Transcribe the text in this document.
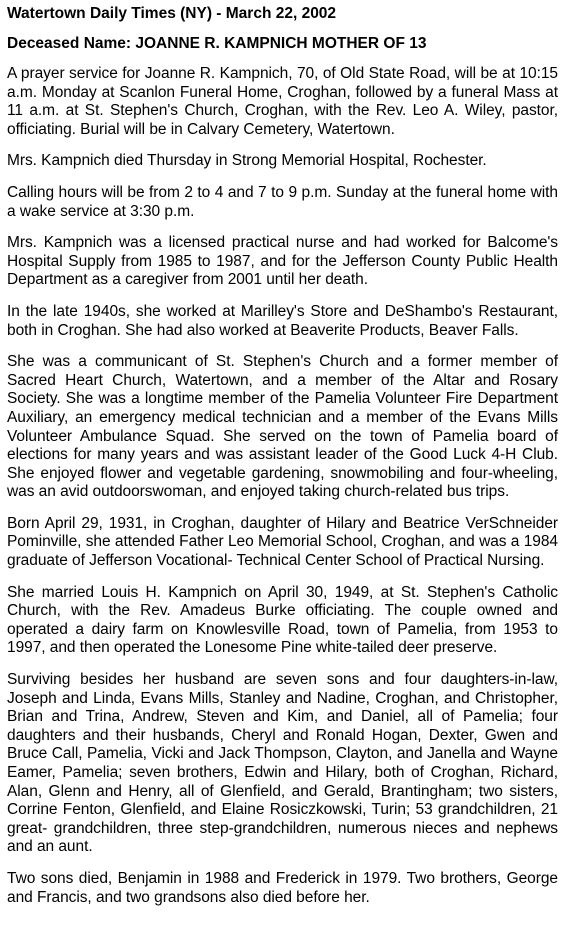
Watertown Daily Times (NY) - March 22, 2002
Deceased Name: JOANNE R. KAMPNICH MOTHER OF 13

A prayer service for Joanne R. Kampnich, 70, of Old State Road, will be at 10:15 a.m. Monday at Scanlon Funeral Home, Croghan, followed by a funeral Mass at 11 a.m. at St. Stephen's Church, Croghan, with the Rev. Leo A. Wiley, pastor, officiating. Burial will be in Calvary Cemetery, Watertown.

Mrs. Kampnich died Thursday in Strong Memorial Hospital, Rochester.

Calling hours will be from 2 to 4 and 7 to 9 p.m. Sunday at the funeral home with a wake service at 3:30 p.m.

Mrs. Kampnich was a licensed practical nurse and had worked for Balcome's Hospital Supply from 1985 to 1987, and for the Jefferson County Public Health Department as a caregiver from 2001 until her death.

In the late 1940s, she worked at Marilley's Store and DeShambo's Restaurant, both in Croghan. She had also worked at Beaverite Products, Beaver Falls.

She was a communicant of St. Stephen's Church and a former member of Sacred Heart Church, Watertown, and a member of the Altar and Rosary Society. She was a longtime member of the Pamelia Volunteer Fire Department Auxiliary, an emergency medical technician and a member of the Evans Mills Volunteer Ambulance Squad. She served on the town of Pamelia board of elections for many years and was assistant leader of the Good Luck 4-H Club. She enjoyed flower and vegetable gardening, snowmobiling and four-wheeling, was an avid outdoorswoman, and enjoyed taking church-related bus trips.

Born April 29, 1931, in Croghan, daughter of Hilary and Beatrice VerSchneider Pominville, she attended Father Leo Memorial School, Croghan, and was a 1984 graduate of Jefferson Vocational- Technical Center School of Practical Nursing.

She married Louis H. Kampnich on April 30, 1949, at St. Stephen's Catholic Church, with the Rev. Amadeus Burke officiating. The couple owned and operated a dairy farm on Knowlesville Road, town of Pamelia, from 1953 to 1997, and then operated the Lonesome Pine white-tailed deer preserve.

Surviving besides her husband are seven sons and four daughters-in-law, Joseph and Linda, Evans Mills, Stanley and Nadine, Croghan, and Christopher, Brian and Trina, Andrew, Steven and Kim, and Daniel, all of Pamelia; four daughters and their husbands, Cheryl and Ronald Hogan, Dexter, Gwen and Bruce Call, Pamelia, Vicki and Jack Thompson, Clayton, and Janella and Wayne Eamer, Pamelia; seven brothers, Edwin and Hilary, both of Croghan, Richard, Alan, Glenn and Henry, all of Glenfield, and Gerald, Brantingham; two sisters, Corrine Fenton, Glenfield, and Elaine Rosiczkowski, Turin; 53 grandchildren, 21 great- grandchildren, three step-grandchildren, numerous nieces and nephews and an aunt.

Two sons died, Benjamin in 1988 and Frederick in 1979. Two brothers, George and Francis, and two grandsons also died before her.
